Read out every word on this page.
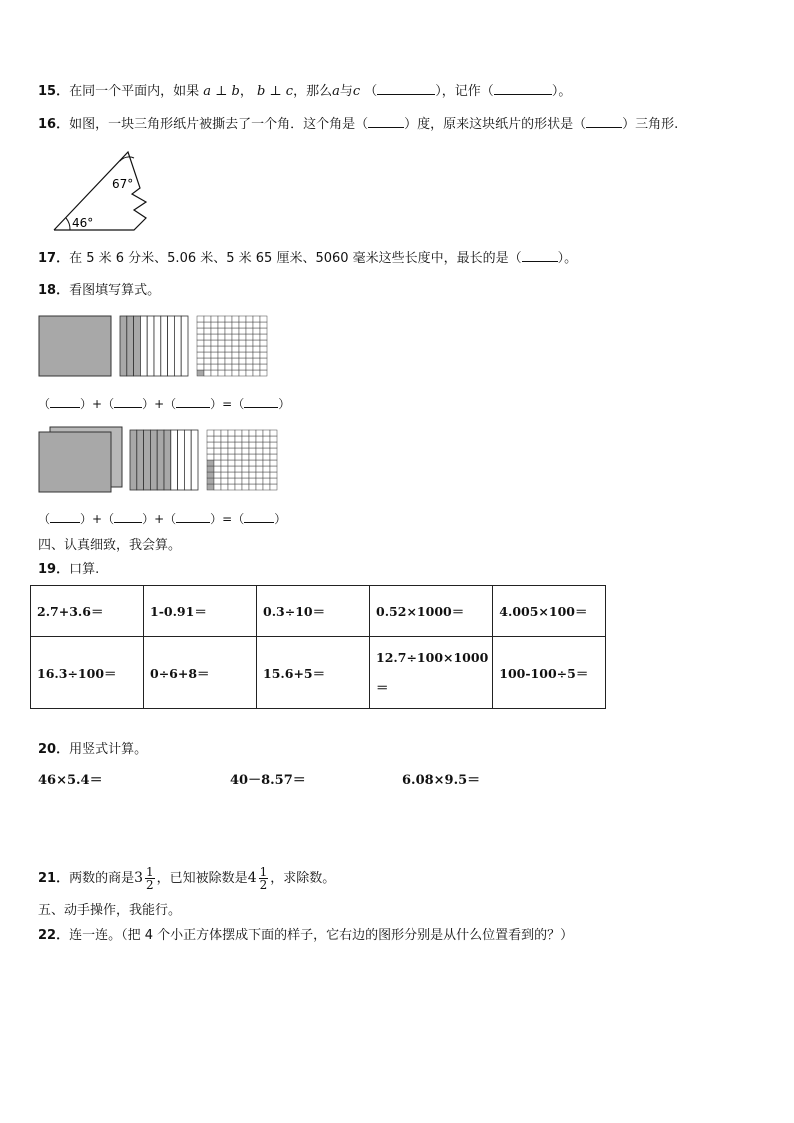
15．在同一个平面内，如果 a ⊥ b， b ⊥ c，那么a与c （	），记作（	）。
16．如图，一块三角形纸片被撕去了一个角．这个角是（	）度，原来这块纸片的形状是（	）三角形.
67°
46°
17．在 5 米 6 分米、5.06 米、5 米 65 厘米、5060 毫米这些长度中，最长的是（	）。
18．看图填写算式。
（	）+（ ）+（	）=（	）
（	）+（ ）+（	）=（	）
四、认真细致，我会算。
19．口算.
2.7+3.6＝	1-0.91＝	0.3÷10＝	0.52×1000＝	4.005×100＝
16.3÷100＝	0÷6+8＝	15.6+5＝	12.7÷100×1000＝	100-100÷5＝
20．用竖式计算。
46×5.4＝	40－8.57＝	6.08×9.5＝
21．两数的商是$3 \frac{1}{2}$ ，已知被除数是$4 \frac{1}{2}$ ，求除数。
五、动手操作，我能行。
22．连一连。（把 4 个小正方体摆成下面的样子，它右边的图形分别是从什么位置看到的？）
